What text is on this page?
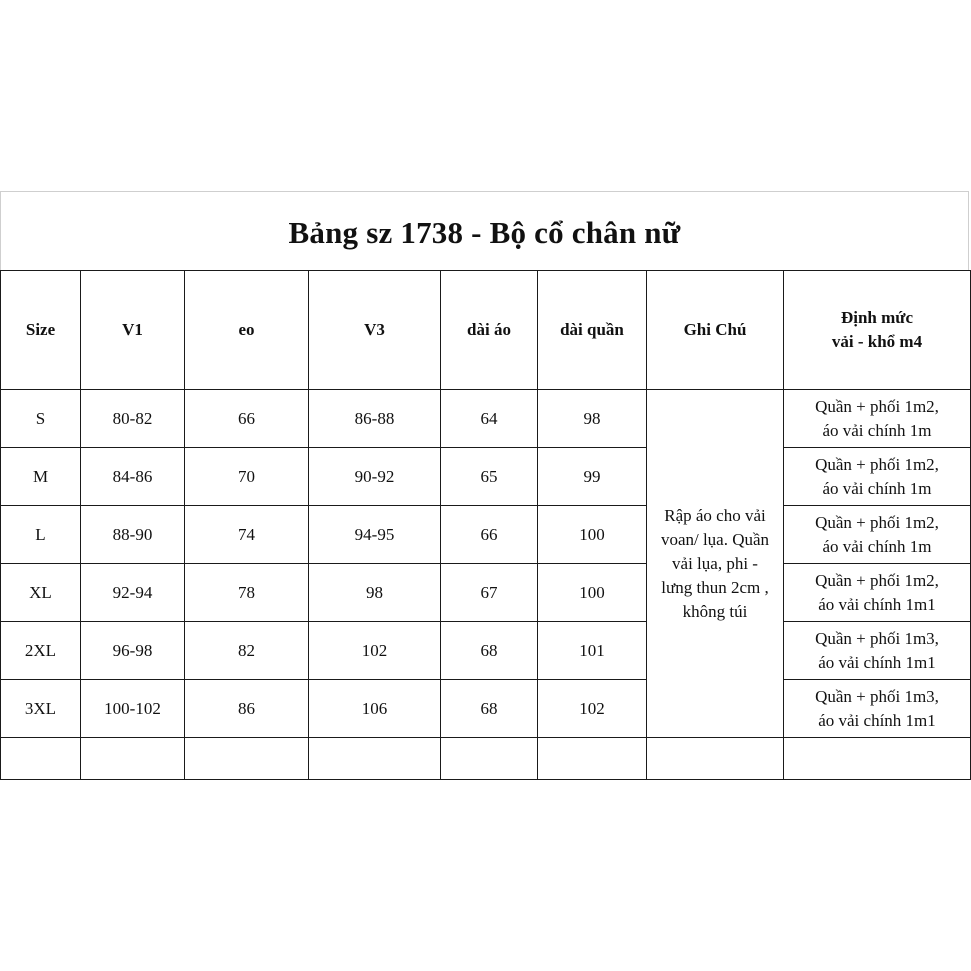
Bảng sz 1738 - Bộ cổ chân nữ
Size	V1	eo	V3	dài áo	dài quần	Ghi Chú	Định mức
vải - khổ m4
S	80-82	66	86-88	64	98	Rập áo cho vải
voan/ lụa. Quần
vải lụa, phi -
lưng thun 2cm ,
không túi	Quần + phối 1m2,
áo vải chính 1m
M	84-86	70	90-92	65	99		Quần + phối 1m2,
áo vải chính 1m
L	88-90	74	94-95	66	100		Quần + phối 1m2,
áo vải chính 1m
XL	92-94	78	98	67	100		Quần + phối 1m2,
áo vải chính 1m1
2XL	96-98	82	102	68	101		Quần + phối 1m3,
áo vải chính 1m1
3XL	100-102	86	106	68	102		Quần + phối 1m3,
áo vải chính 1m1
